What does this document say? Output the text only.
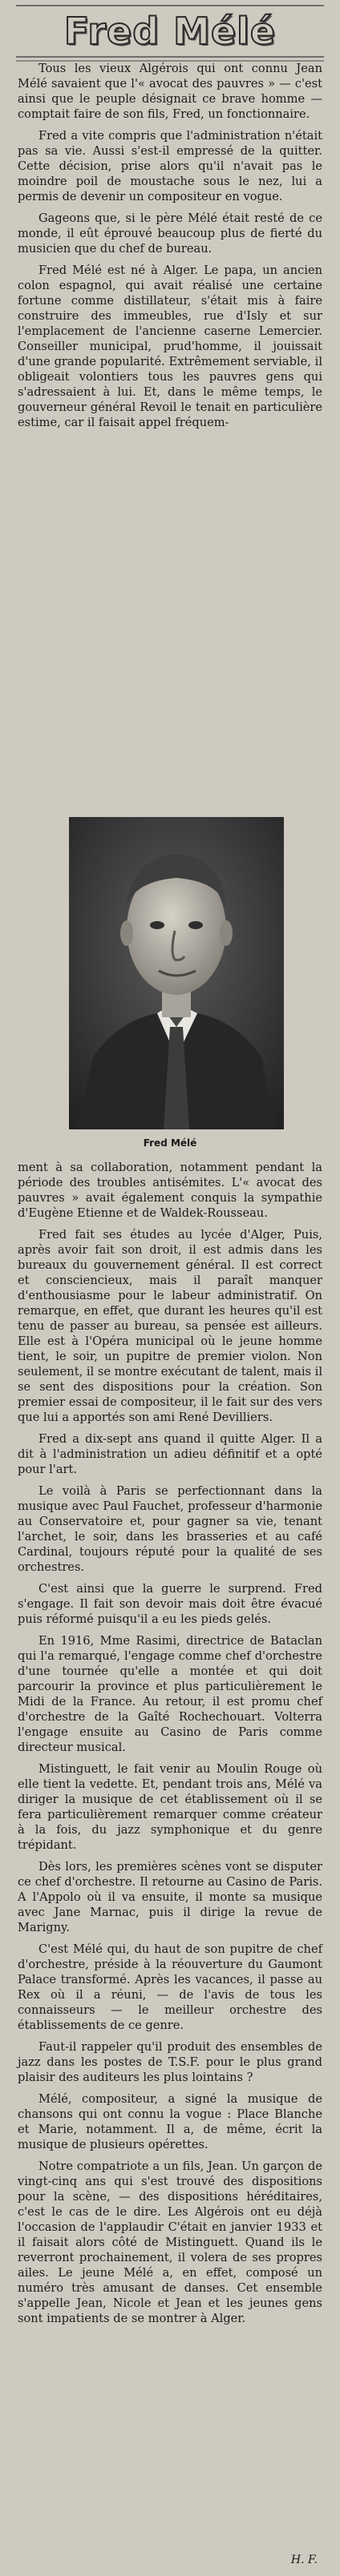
Fred Mélé

Tous les vieux Algérois qui ont connu Jean Mélé savaient que l'« avocat des pauvres » — c'est ainsi que le peuple désignait ce brave homme — comptait faire de son fils, Fred, un fonctionnaire.

Fred a vite compris que l'administration n'était pas sa vie. Aussi s'est-il empressé de la quitter. Cette décision, prise alors qu'il n'avait pas le moindre poil de moustache sous le nez, lui a permis de devenir un compositeur en vogue.

Gageons que, si le père Mélé était resté de ce monde, il eût éprouvé beaucoup plus de fierté du musicien que du chef de bureau.

Fred Mélé est né à Alger. Le papa, un ancien colon espagnol, qui avait réalisé une certaine fortune comme distillateur, s'était mis à faire construire des immeubles, rue d'Isly et sur l'emplacement de l'ancienne caserne Lemercier. Conseiller municipal, prud'homme, il jouissait d'une grande popularité. Extrêmement serviable, il obligeait volontiers tous les pauvres gens qui s'adressaient à lui. Et, dans le même temps, le gouverneur général Revoil le tenait en particulière estime, car il faisait appel fréquem-

Fred Mélé

ment à sa collaboration, notamment pendant la période des troubles antisémites. L'« avocat des pauvres » avait également conquis la sympathie d'Eugène Etienne et de Waldek-Rousseau.

Fred fait ses études au lycée d'Alger, Puis, après avoir fait son droit, il est admis dans les bureaux du gouvernement général. Il est correct et consciencieux, mais il paraît manquer d'enthousiasme pour le labeur administratif. On remarque, en effet, que durant les heures qu'il est tenu de passer au bureau, sa pensée est ailleurs. Elle est à l'Opéra municipal où le jeune homme tient, le soir, un pupitre de premier violon. Non seulement, il se montre exécutant de talent, mais il se sent des dispositions pour la création. Son premier essai de compositeur, il le fait sur des vers que lui a apportés son ami René Devilliers.

Fred a dix-sept ans quand il quitte Alger. Il a dit à l'administration un adieu définitif et a opté pour l'art.

Le voilà à Paris se perfectionnant dans la musique avec Paul Fauchet, professeur d'harmonie au Conservatoire et, pour gagner sa vie, tenant l'archet, le soir, dans les brasseries et au café Cardinal, toujours réputé pour la qualité de ses orchestres.

C'est ainsi que la guerre le surprend. Fred s'engage. Il fait son devoir mais doit être évacué puis réformé puisqu'il a eu les pieds gelés.

En 1916, Mme Rasimi, directrice de Bataclan qui l'a remarqué, l'engage comme chef d'orchestre d'une tournée qu'elle a montée et qui doit parcourir la province et plus particulièrement le Midi de la France. Au retour, il est promu chef d'orchestre de la Gaîté Rochechouart. Volterra l'engage ensuite au Casino de Paris comme directeur musical.

Mistinguett, le fait venir au Moulin Rouge où elle tient la vedette. Et, pendant trois ans, Mélé va diriger la musique de cet établissement où il se fera particulièrement remarquer comme créateur à la fois, du jazz symphonique et du genre trépidant.

Dès lors, les premières scènes vont se disputer ce chef d'orchestre. Il retourne au Casino de Paris. A l'Appolo où il va ensuite, il monte sa musique avec Jane Marnac, puis il dirige la revue de Marigny.

C'est Mélé qui, du haut de son pupitre de chef d'orchestre, préside à la réouverture du Gaumont Palace transformé. Après les vacances, il passe au Rex où il a réuni, — de l'avis de tous les connaisseurs — le meilleur orchestre des établissements de ce genre.

Faut-il rappeler qu'il produit des ensembles de jazz dans les postes de T.S.F. pour le plus grand plaisir des auditeurs les plus lointains ?

Mélé, compositeur, a signé la musique de chansons qui ont connu la vogue : Place Blanche et Marie, notamment. Il a, de même, écrit la musique de plusieurs opérettes.

Notre compatriote a un fils, Jean. Un garçon de vingt-cinq ans qui s'est trouvé des dispositions pour la scène, — des dispositions héréditaires, c'est le cas de le dire. Les Algérois ont eu déjà l'occasion de l'applaudir C'était en janvier 1933 et il faisait alors côté de Mistinguett. Quand ils le reverront prochainement, il volera de ses propres ailes. Le jeune Mélé a, en effet, composé un numéro très amusant de danses. Cet ensemble s'appelle Jean, Nicole et Jean et les jeunes gens sont impatients de se montrer à Alger.

H. F.
